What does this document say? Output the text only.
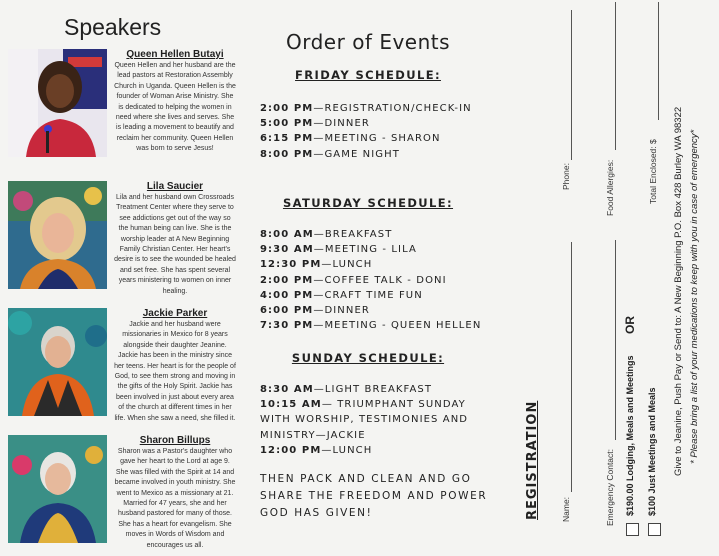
Speakers
Queen Hellen Butayi
Queen Hellen and her husband are the lead pastors at Restoration Assembly Church in Uganda. Queen Hellen is the founder of Woman Arise Ministry. She is dedicated to helping the women in need where she lives and serves. She is leading a movement to beautify and reclaim her community. Queen Hellen was born to serve Jesus!
Lila Saucier
Lila and her husband own Crossroads Treatment Center where they serve to see addictions get out of the way so the human being can live. She is the worship leader at A New Beginning Family Christian Center. Her heart's desire is to see the wounded be healed and set free. She has spent several years ministering to women on inner healing.
Jackie Parker
Jackie and her husband were missionaries in Mexico for 8 years alongside their daughter Jeanine. Jackie has been in the ministry since her teens. Her heart is for the people of God, to see them strong and moving in the gifts of the Holy Spirit. Jackie has been involved in just about every area of the church at different times in her life. When she saw a need, she filled it.
Sharon Billups
Sharon was a Pastor's daughter who gave her heart to the Lord at age 9. She was filled with the Spirit at 14 and became involved in youth ministry. She went to Mexico as a missionary at 21. Married for 47 years, she and her husband pastored for many of those. She has a heart for evangelism. She moves in Words of Wisdom and encourages us all.
Order of Events
FRIDAY SCHEDULE:
2:00 PM—REGISTRATION/CHECK-IN
5:00 PM—DINNER
6:15 PM—MEETING - SHARON
8:00 PM—GAME NIGHT
SATURDAY SCHEDULE:
8:00 AM—BREAKFAST
9:30 AM—MEETING - LILA
12:30 PM—LUNCH
2:00 PM—COFFEE TALK - DONI
4:00 PM—CRAFT TIME FUN
6:00 PM—DINNER
7:30 PM—MEETING - QUEEN HELLEN
SUNDAY SCHEDULE:
8:30 AM—LIGHT BREAKFAST
10:15 AM— TRIUMPHANT SUNDAY
WITH WORSHIP, TESTIMONIES AND
MINISTRY—JACKIE
12:00 PM—LUNCH

THEN PACK AND CLEAN AND GO SHARE THE FREEDOM AND POWER GOD HAS GIVEN!	REGISTRATION Name:
Phone:
Emergency Contact:
Food Allergies:
$190.00 Lodging, Meals and Meetings
OR
$100 Just Meetings and Meals
Total Enclosed: $ Give to Jeanine, Push Pay or Send to: A New Beginning P.O. Box 428 Burley WA 98322 * Please bring a list of your medications to keep with you in case of emergency*
